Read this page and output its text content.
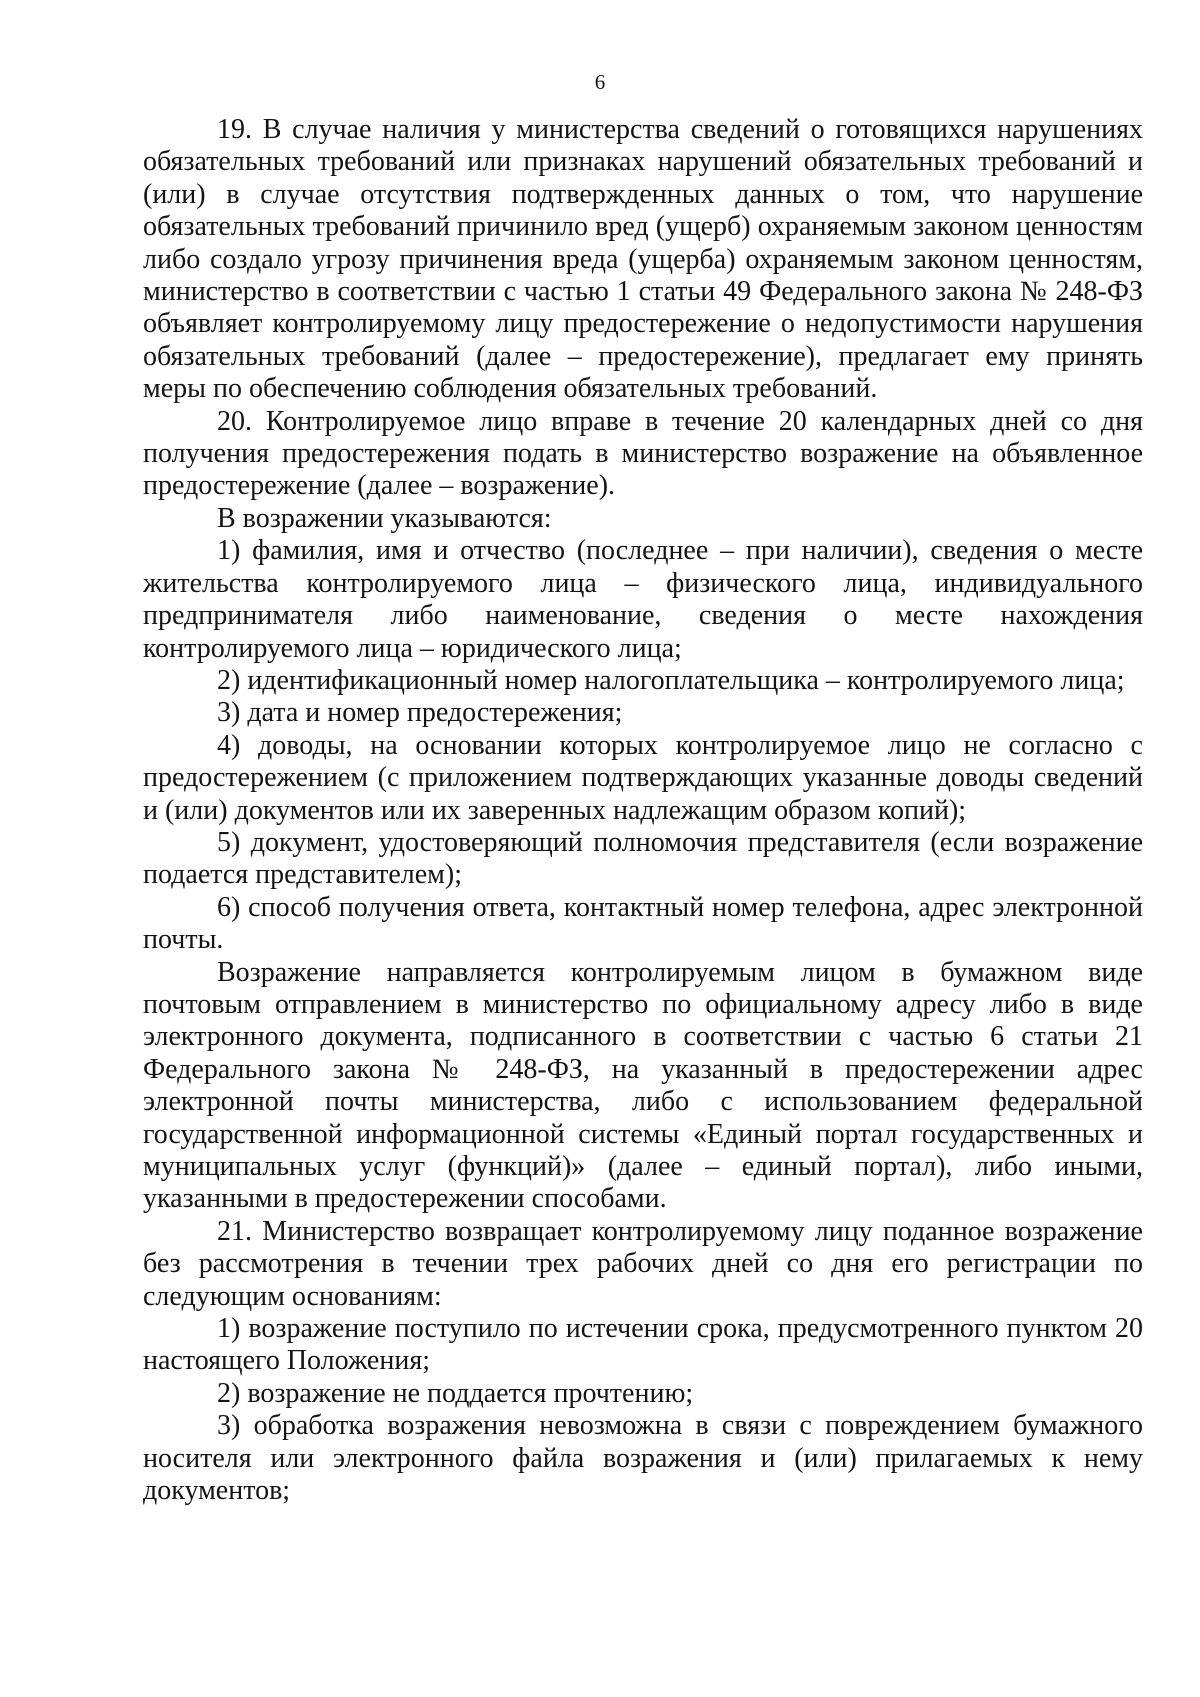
6

19. В случае наличия у министерства сведений о готовящихся нарушениях обязательных требований или признаках нарушений обязательных требований и (или) в случае отсутствия подтвержденных данных о том, что нарушение обязательных требований причинило вред (ущерб) охраняемым законом ценностям либо создало угрозу причинения вреда (ущерба) охраняемым законом ценностям, министерство в соответствии с частью 1 статьи 49 Федерального закона № 248-ФЗ объявляет контролируемому лицу предостережение о недопустимости нарушения обязательных требований (далее – предостережение), предлагает ему принять меры по обеспечению соблюдения обязательных требований.

20. Контролируемое лицо вправе в течение 20 календарных дней со дня получения предостережения подать в министерство возражение на объявленное предостережение (далее – возражение).

В возражении указываются:

1) фамилия, имя и отчество (последнее – при наличии), сведения о месте жительства контролируемого лица – физического лица, индивидуального предпринимателя либо наименование, сведения о месте нахождения контролируемого лица – юридического лица;

2) идентификационный номер налогоплательщика – контролируемого лица;

3) дата и номер предостережения;

4) доводы, на основании которых контролируемое лицо не согласно с предостережением (с приложением подтверждающих указанные доводы сведений и (или) документов или их заверенных надлежащим образом копий);

5) документ, удостоверяющий полномочия представителя (если возражение подается представителем);

6) способ получения ответа, контактный номер телефона, адрес электронной почты.

Возражение направляется контролируемым лицом в бумажном виде почтовым отправлением в министерство по официальному адресу либо в виде электронного документа, подписанного в соответствии с частью 6 статьи 21 Федерального закона № 248-ФЗ, на указанный в предостережении адрес электронной почты министерства, либо с использованием федеральной государственной информационной системы «Единый портал государственных и муниципальных услуг (функций)» (далее – единый портал), либо иными, указанными в предостережении способами.

21. Министерство возвращает контролируемому лицу поданное возражение без рассмотрения в течении трех рабочих дней со дня его регистрации по следующим основаниям:

1) возражение поступило по истечении срока, предусмотренного пунктом 20 настоящего Положения;

2) возражение не поддается прочтению;

3) обработка возражения невозможна в связи с повреждением бумажного носителя или электронного файла возражения и (или) прилагаемых к нему документов;
